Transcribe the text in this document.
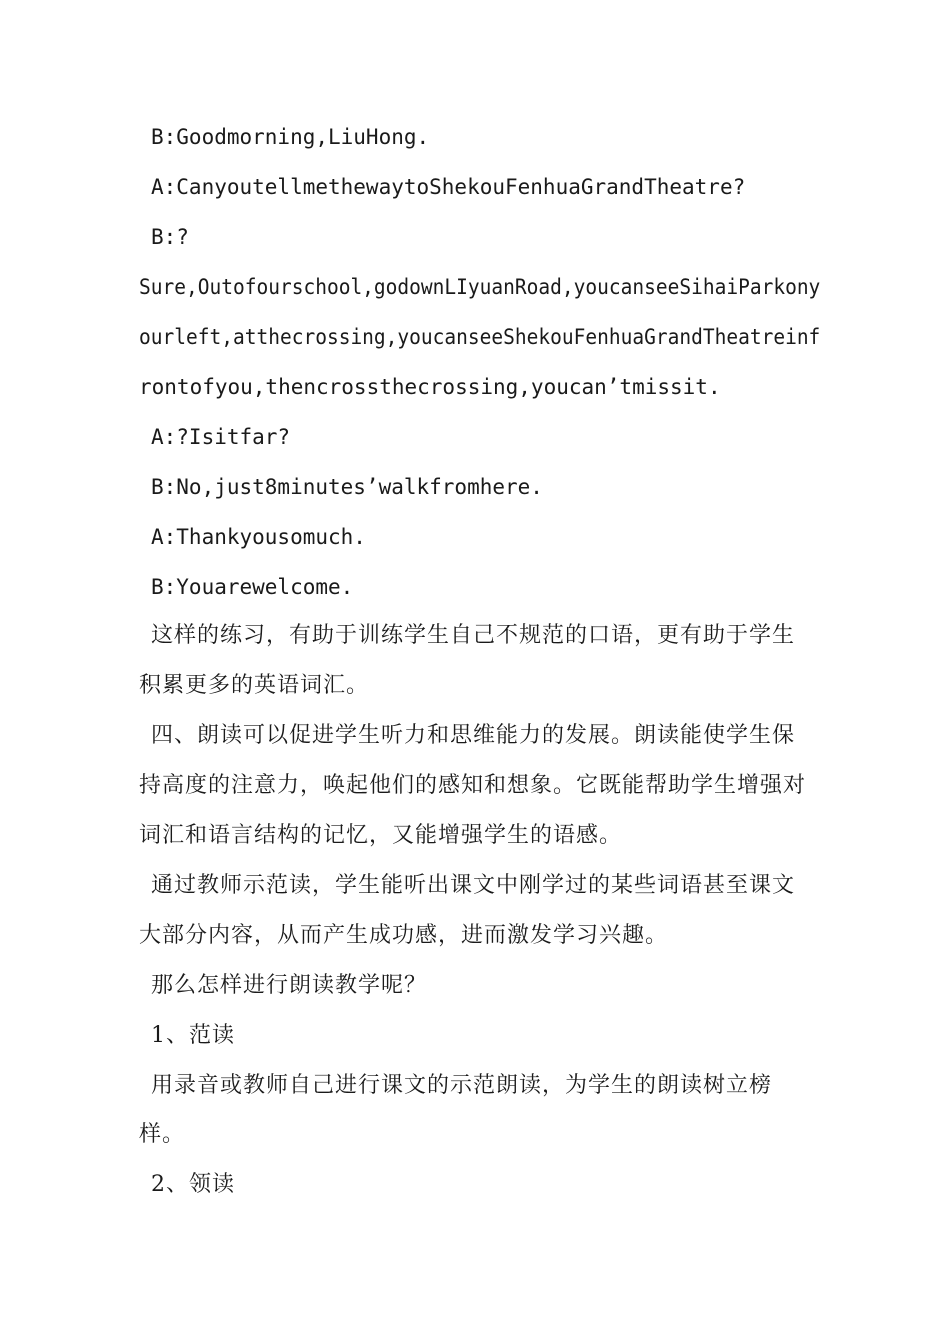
B:Goodmorning,LiuHong.
A:CanyoutellmethewaytoShekouFenhuaGrandTheatre?
B:?
Sure,Outofourschool,godownLIyuanRoad,youcanseeSihaiParkony
ourleft,atthecrossing,youcanseeShekouFenhuaGrandTheatreinf
rontofyou,thencrossthecrossing,youcan’tmissit.
A:?Isitfar?
B:No,just8minutes’walkfromhere.
A:Thankyousomuch.
B:Youarewelcome.
这样的练习，有助于训练学生自己不规范的口语，更有助于学生
积累更多的英语词汇。
四、朗读可以促进学生听力和思维能力的发展。朗读能使学生保
持高度的注意力，唤起他们的感知和想象。它既能帮助学生增强对
词汇和语言结构的记忆，又能增强学生的语感。
通过教师示范读，学生能听出课文中刚学过的某些词语甚至课文
大部分内容，从而产生成功感，进而激发学习兴趣。
那么怎样进行朗读教学呢？
1、范读
用录音或教师自己进行课文的示范朗读，为学生的朗读树立榜
样。
2、领读
